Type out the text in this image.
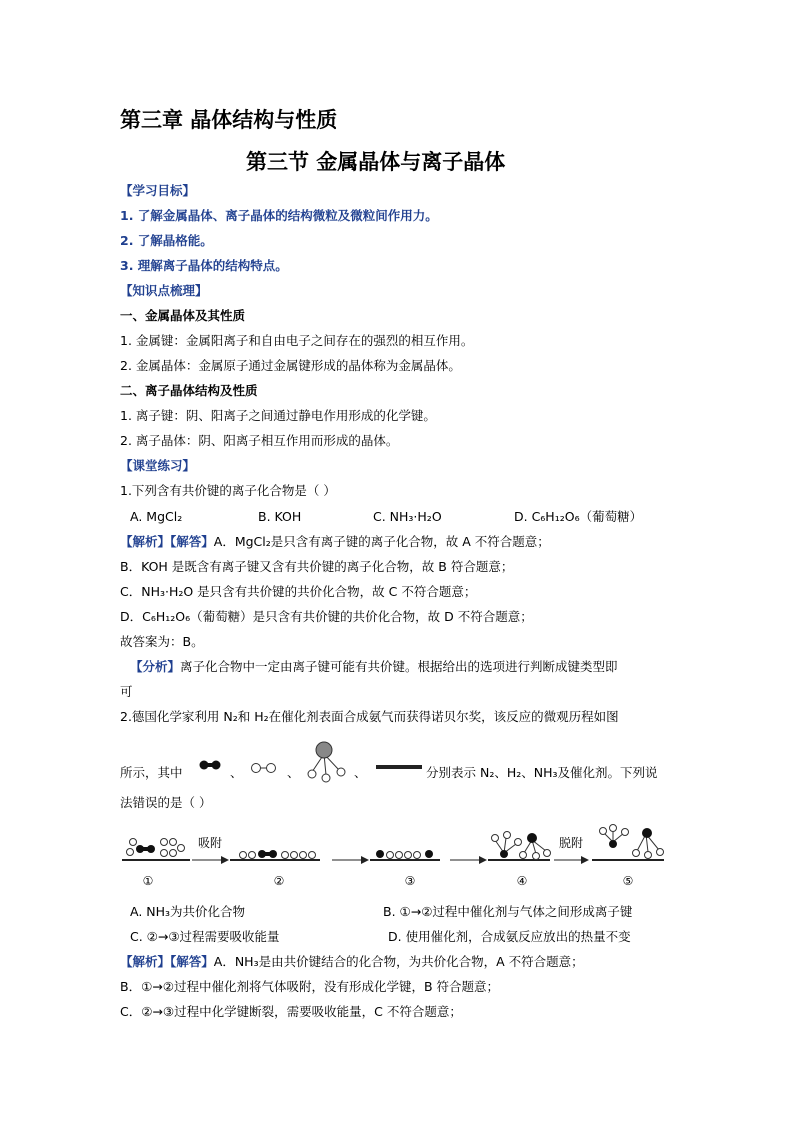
第三章 晶体结构与性质
第三节 金属晶体与离子晶体
【学习目标】
1. 了解金属晶体、离子晶体的结构微粒及微粒间作用力。
2. 了解晶格能。
3. 理解离子晶体的结构特点。
【知识点梳理】
一、金属晶体及其性质
1. 金属键：金属阳离子和自由电子之间存在的强烈的相互作用。
2. 金属晶体：金属原子通过金属键形成的晶体称为金属晶体。
二、离子晶体结构及性质
1. 离子键：阴、阳离子之间通过静电作用形成的化学键。
2. 离子晶体：阴、阳离子相互作用而形成的晶体。
【课堂练习】
1.下列含有共价键的离子化合物是（ ）
A. MgCl₂	B. KOH	C. NH₃·H₂O	D. C₆H₁₂O₆（葡萄糖）
【解析】【解答】A．MgCl₂是只含有离子键的离子化合物，故 A 不符合题意；
B．KOH 是既含有离子键又含有共价键的离子化合物，故 B 符合题意；
C．NH₃·H₂O 是只含有共价键的共价化合物，故 C 不符合题意；
D．C₆H₁₂O₆（葡萄糖）是只含有共价键的共价化合物，故 D 不符合题意；
故答案为：B。
【分析】离子化合物中一定由离子键可能有共价键。根据给出的选项进行判断成键类型即
可
2.德国化学家利用 N₂和 H₂在催化剂表面合成氨气而获得诺贝尔奖，该反应的微观历程如图
所示，其中	、	、	、	分别表示 N₂、H₂、NH₃及催化剂。下列说
法错误的是（ ）
吸附	脱附
①	②	③	④	⑤
A. NH₃为共价化合物	B. ①→②过程中催化剂与气体之间形成离子键
C. ②→③过程需要吸收能量	D. 使用催化剂，合成氨反应放出的热量不变
【解析】【解答】A．NH₃是由共价键结合的化合物，为共价化合物，A 不符合题意；
B．①→②过程中催化剂将气体吸附，没有形成化学键，B 符合题意；
C．②→③过程中化学键断裂，需要吸收能量，C 不符合题意；
